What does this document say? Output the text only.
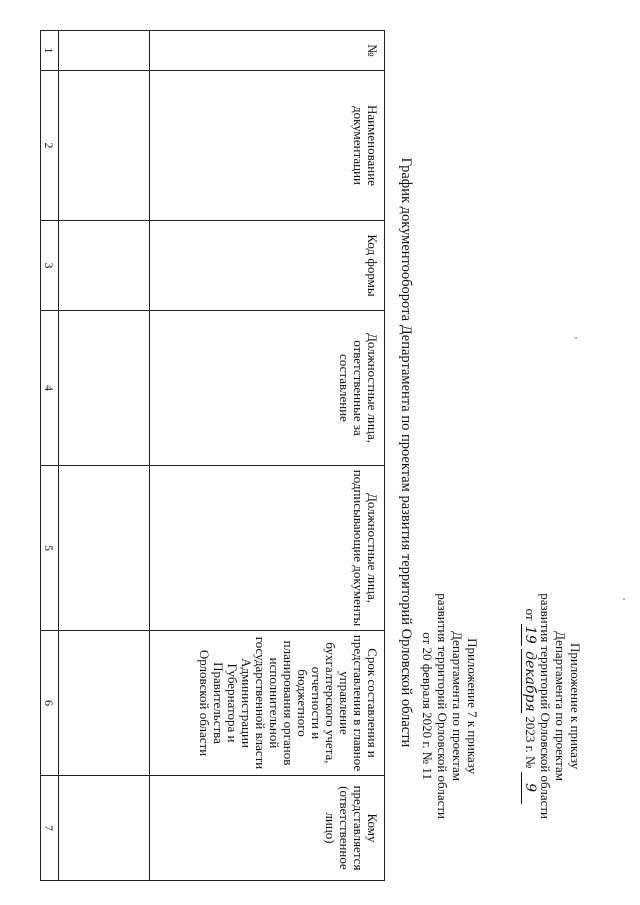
Приложение к приказу
Департамента по проектам
развития территорий Орловской области
от 19 декабря 2023 г. № 9
Приложение 7 к приказу
Департамента по проектам
развития территорий Орловской области
от 20 февраля 2020 г. № 11
График документооборота Департамента по проектам развития территорий Орловской области
№	Наименование документации	Код формы	Должностные лица, ответственные за составление	Должностные лица, подписывающие документы	Срок составления и представления в главное управление бухгалтерского учета, отчетности и бюджетного планирования органов исполнительной государственной власти Администрации Губернатора и Правительства Орловской области	Кому представляется (ответственное лицо)

1	2	3	4	5	6	7
